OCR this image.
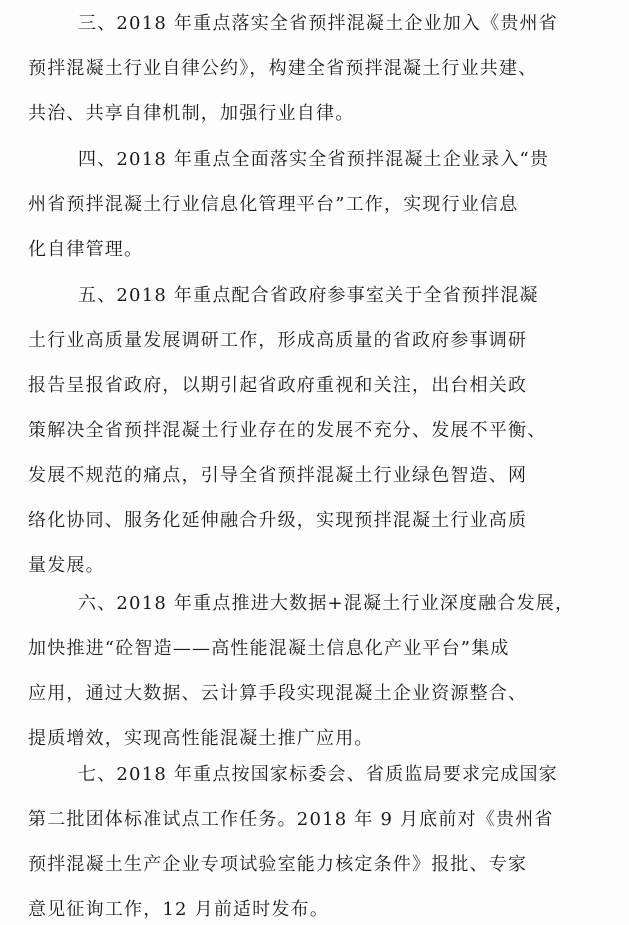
三、2018 年重点落实全省预拌混凝土企业加入《贵州省
预拌混凝土行业自律公约》，构建全省预拌混凝土行业共建、
共治、共享自律机制，加强行业自律。
四、2018 年重点全面落实全省预拌混凝土企业录入“贵
州省预拌混凝土行业信息化管理平台”工作，实现行业信息
化自律管理。
五、2018 年重点配合省政府参事室关于全省预拌混凝
土行业高质量发展调研工作，形成高质量的省政府参事调研
报告呈报省政府，以期引起省政府重视和关注，出台相关政
策解决全省预拌混凝土行业存在的发展不充分、发展不平衡、
发展不规范的痛点，引导全省预拌混凝土行业绿色智造、网
络化协同、服务化延伸融合升级，实现预拌混凝土行业高质
量发展。
六、2018 年重点推进大数据+混凝土行业深度融合发展，
加快推进“砼智造——高性能混凝土信息化产业平台”集成
应用，通过大数据、云计算手段实现混凝土企业资源整合、
提质增效，实现高性能混凝土推广应用。
七、2018 年重点按国家标委会、省质监局要求完成国家
第二批团体标准试点工作任务。2018 年 9 月底前对《贵州省
预拌混凝土生产企业专项试验室能力核定条件》报批、专家
意见征询工作，12 月前适时发布。
